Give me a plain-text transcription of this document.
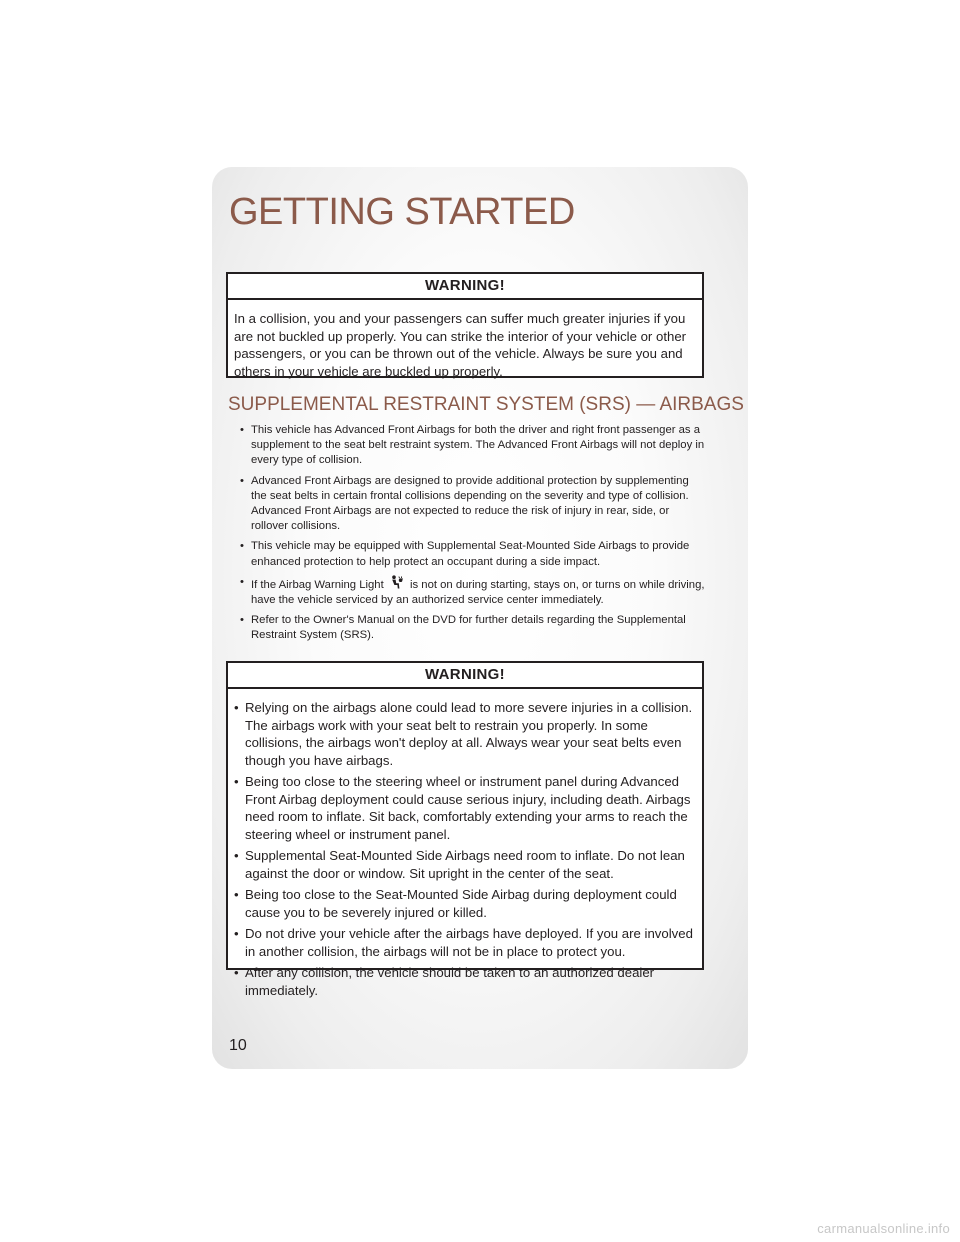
GETTING STARTED
WARNING!
In a collision, you and your passengers can suffer much greater injuries if you are not buckled up properly. You can strike the interior of your vehicle or other passengers, or you can be thrown out of the vehicle. Always be sure you and others in your vehicle are buckled up properly.
SUPPLEMENTAL RESTRAINT SYSTEM (SRS) — AIRBAGS
• This vehicle has Advanced Front Airbags for both the driver and right front passenger as a supplement to the seat belt restraint system. The Advanced Front Airbags will not deploy in every type of collision.
• Advanced Front Airbags are designed to provide additional protection by supplementing the seat belts in certain frontal collisions depending on the severity and type of collision. Advanced Front Airbags are not expected to reduce the risk of injury in rear, side, or rollover collisions.
• This vehicle may be equipped with Supplemental Seat-Mounted Side Airbags to provide enhanced protection to help protect an occupant during a side impact.
• If the Airbag Warning Light is not on during starting, stays on, or turns on while driving, have the vehicle serviced by an authorized service center immediately.
• Refer to the Owner's Manual on the DVD for further details regarding the Supplemental Restraint System (SRS).
WARNING!
• Relying on the airbags alone could lead to more severe injuries in a collision. The airbags work with your seat belt to restrain you properly. In some collisions, the airbags won't deploy at all. Always wear your seat belts even though you have airbags.
• Being too close to the steering wheel or instrument panel during Advanced Front Airbag deployment could cause serious injury, including death. Airbags need room to inflate. Sit back, comfortably extending your arms to reach the steering wheel or instrument panel.
• Supplemental Seat-Mounted Side Airbags need room to inflate. Do not lean against the door or window. Sit upright in the center of the seat.
• Being too close to the Seat-Mounted Side Airbag during deployment could cause you to be severely injured or killed.
• Do not drive your vehicle after the airbags have deployed. If you are involved in another collision, the airbags will not be in place to protect you.
• After any collision, the vehicle should be taken to an authorized dealer immediately.

10

carmanualsonline.info
